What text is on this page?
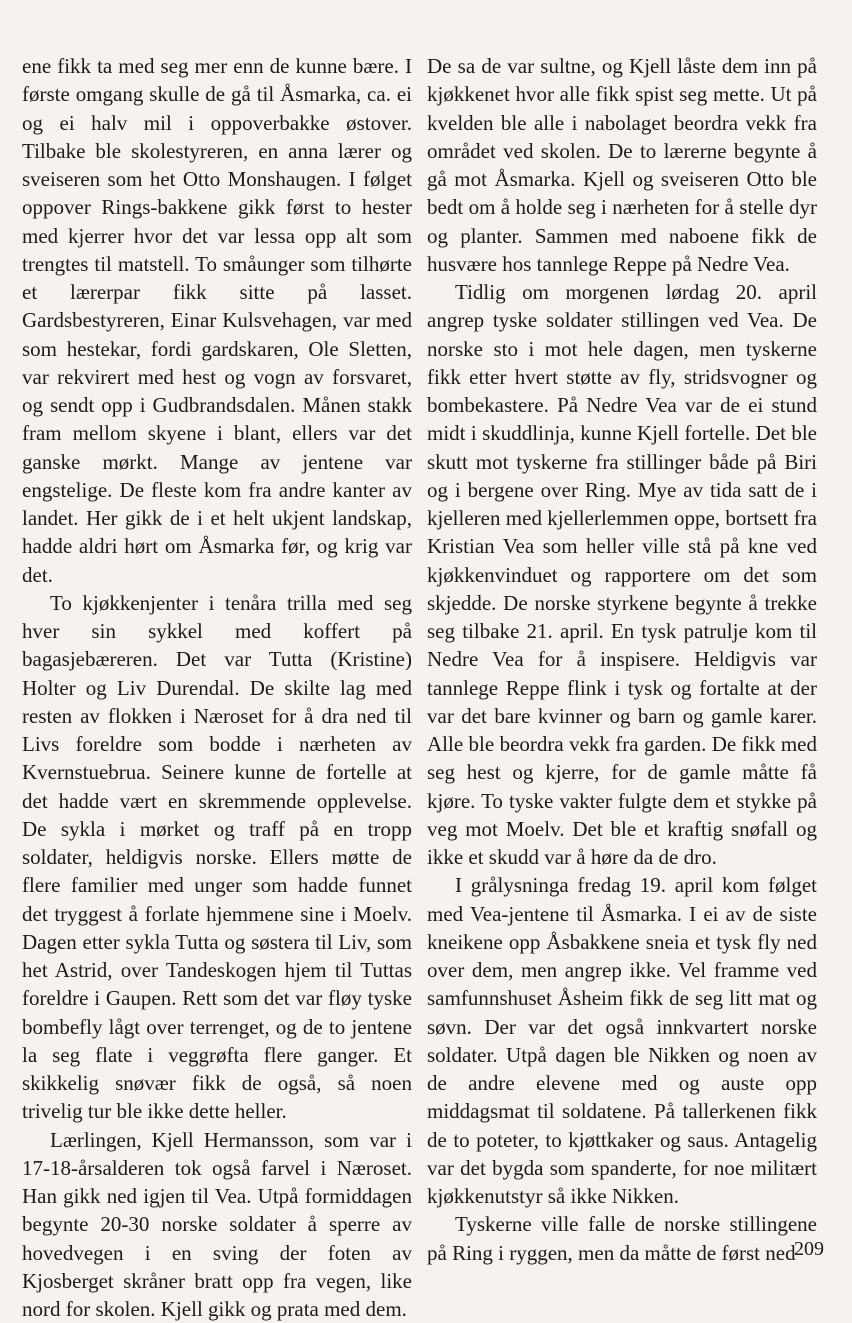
ene fikk ta med seg mer enn de kunne bære. I første omgang skulle de gå til Åsmarka, ca. ei og ei halv mil i oppoverbakke østover. Tilbake ble skolestyreren, en anna lærer og sveiseren som het Otto Monshaugen. I følget oppover Rings-bakkene gikk først to hester med kjerrer hvor det var lessa opp alt som trengtes til matstell. To småunger som tilhørte et lærerpar fikk sitte på lasset. Gardsbestyreren, Einar Kulsvehagen, var med som hestekar, fordi gardskaren, Ole Sletten, var rekvirert med hest og vogn av forsvaret, og sendt opp i Gudbrandsdalen. Månen stakk fram mellom skyene i blant, ellers var det ganske mørkt. Mange av jentene var engstelige. De fleste kom fra andre kanter av landet. Her gikk de i et helt ukjent landskap, hadde aldri hørt om Åsmarka før, og krig var det.

To kjøkkenjenter i tenåra trilla med seg hver sin sykkel med koffert på bagasjebæreren. Det var Tutta (Kristine) Holter og Liv Durendal. De skilte lag med resten av flokken i Næroset for å dra ned til Livs foreldre som bodde i nærheten av Kvernstuebrua. Seinere kunne de fortelle at det hadde vært en skremmende opplevelse. De sykla i mørket og traff på en tropp soldater, heldigvis norske. Ellers møtte de flere familier med unger som hadde funnet det tryggest å forlate hjemmene sine i Moelv. Dagen etter sykla Tutta og søstera til Liv, som het Astrid, over Tandeskogen hjem til Tuttas foreldre i Gaupen. Rett som det var fløy tyske bombefly lågt over terrenget, og de to jentene la seg flate i veggrøfta flere ganger. Et skikkelig snøvær fikk de også, så noen trivelig tur ble ikke dette heller.

Lærlingen, Kjell Hermansson, som var i 17-18-årsalderen tok også farvel i Næroset. Han gikk ned igjen til Vea. Utpå formiddagen begynte 20-30 norske soldater å sperre av hovedvegen i en sving der foten av Kjosberget skråner bratt opp fra vegen, like nord for skolen. Kjell gikk og prata med dem.

De sa de var sultne, og Kjell låste dem inn på kjøkkenet hvor alle fikk spist seg mette. Ut på kvelden ble alle i nabolaget beordra vekk fra området ved skolen. De to lærerne begynte å gå mot Åsmarka. Kjell og sveiseren Otto ble bedt om å holde seg i nærheten for å stelle dyr og planter. Sammen med naboene fikk de husvære hos tannlege Reppe på Nedre Vea.

Tidlig om morgenen lørdag 20. april angrep tyske soldater stillingen ved Vea. De norske sto i mot hele dagen, men tyskerne fikk etter hvert støtte av fly, stridsvogner og bombekastere. På Nedre Vea var de ei stund midt i skuddlinja, kunne Kjell fortelle. Det ble skutt mot tyskerne fra stillinger både på Biri og i bergene over Ring. Mye av tida satt de i kjelleren med kjellerlemmen oppe, bortsett fra Kristian Vea som heller ville stå på kne ved kjøkkenvinduet og rapportere om det som skjedde. De norske styrkene begynte å trekke seg tilbake 21. april. En tysk patrulje kom til Nedre Vea for å inspisere. Heldigvis var tannlege Reppe flink i tysk og fortalte at der var det bare kvinner og barn og gamle karer. Alle ble beordra vekk fra garden. De fikk med seg hest og kjerre, for de gamle måtte få kjøre. To tyske vakter fulgte dem et stykke på veg mot Moelv. Det ble et kraftig snøfall og ikke et skudd var å høre da de dro.

I grålysninga fredag 19. april kom følget med Vea-jentene til Åsmarka. I ei av de siste kneikene opp Åsbakkene sneia et tysk fly ned over dem, men angrep ikke. Vel framme ved samfunnshuset Åsheim fikk de seg litt mat og søvn. Der var det også innkvartert norske soldater. Utpå dagen ble Nikken og noen av de andre elevene med og auste opp middagsmat til soldatene. På tallerkenen fikk de to poteter, to kjøttkaker og saus. Antagelig var det bygda som spanderte, for noe militært kjøkkenutstyr så ikke Nikken.

Tyskerne ville falle de norske stillingene på Ring i ryggen, men da måtte de først ned

209
